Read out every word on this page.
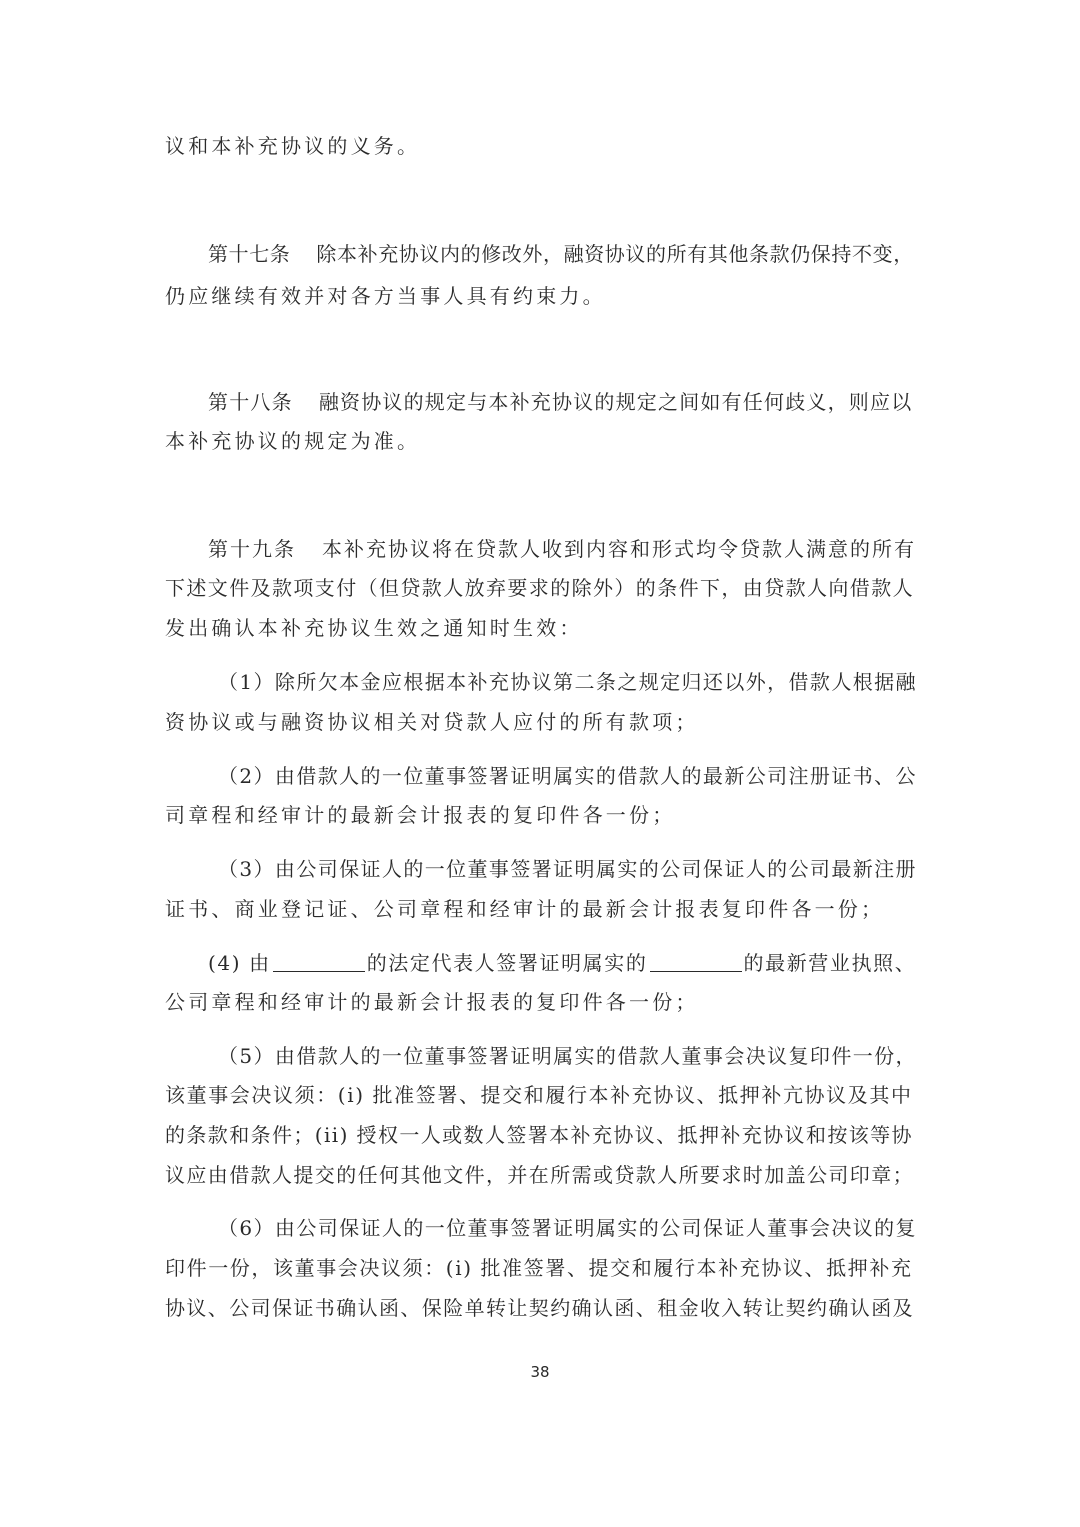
议和本补充协议的义务。
第十七条 除本补充协议内的修改外，融资协议的所有其他条款仍保持不变，
仍应继续有效并对各方当事人具有约束力。
第十八条 融资协议的规定与本补充协议的规定之间如有任何歧义，则应以
本补充协议的规定为准。
第十九条 本补充协议将在贷款人收到内容和形式均令贷款人满意的所有
下述文件及款项支付（但贷款人放弃要求的除外）的条件下，由贷款人向借款人
发出确认本补充协议生效之通知时生效：
（1）除所欠本金应根据本补充协议第二条之规定归还以外，借款人根据融
资协议或与融资协议相关对贷款人应付的所有款项；
（2）由借款人的一位董事签署证明属实的借款人的最新公司注册证书、公
司章程和经审计的最新会计报表的复印件各一份；
（3）由公司保证人的一位董事签署证明属实的公司保证人的公司最新注册
证书、商业登记证、公司章程和经审计的最新会计报表复印件各一份；
(4) 由	的法定代表人签署证明属实的	的最新营业执照、
公司章程和经审计的最新会计报表的复印件各一份；
（5）由借款人的一位董事签署证明属实的借款人董事会决议复印件一份，
该董事会决议须：(i) 批准签署、提交和履行本补充协议、抵押补亢协议及其中
的条款和条件；(ii) 授权一人或数人签署本补充协议、抵押补充协议和按该等协
议应由借款人提交的任何其他文件，并在所需或贷款人所要求时加盖公司印章；
（6）由公司保证人的一位董事签署证明属实的公司保证人董事会决议的复
印件一份，该董事会决议须：(i) 批准签署、提交和履行本补充协议、抵押补充
协议、公司保证书确认函、保险单转让契约确认函、租金收入转让契约确认函及
38
